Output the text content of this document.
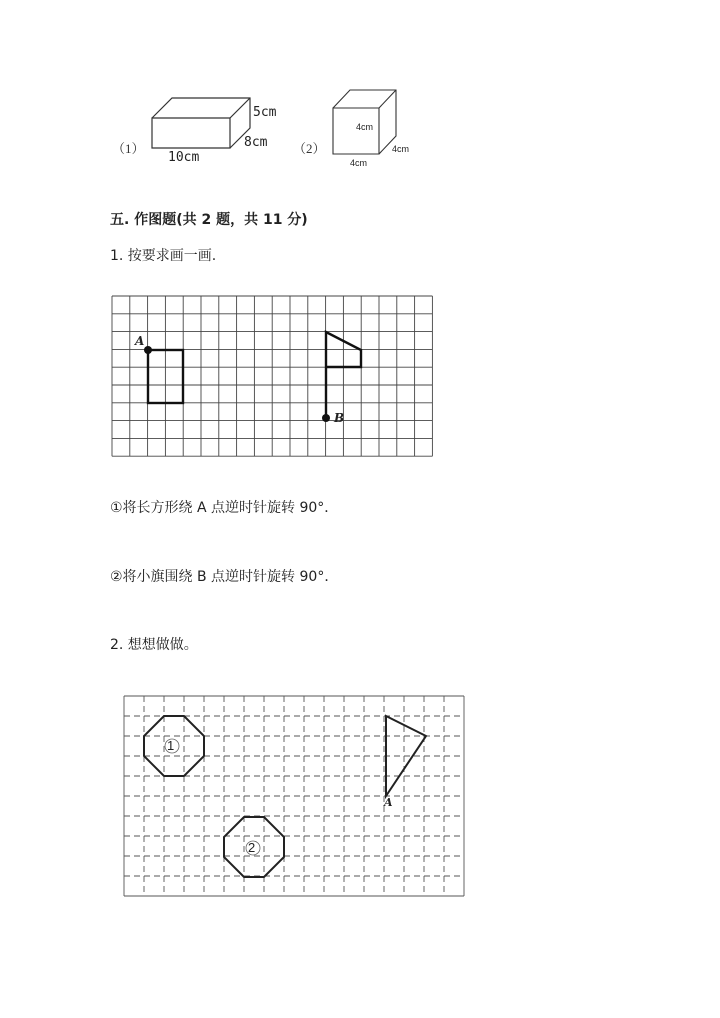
（1）
5cm
8cm
10cm
（2）
4cm
4cm
4cm
五. 作图题(共 2 题，共 11 分)
1. 按要求画一画.
A
B
①将长方形绕 A 点逆时针旋转 90°．
②将小旗围绕 B 点逆时针旋转 90°．
2. 想想做做。
1
2
A
